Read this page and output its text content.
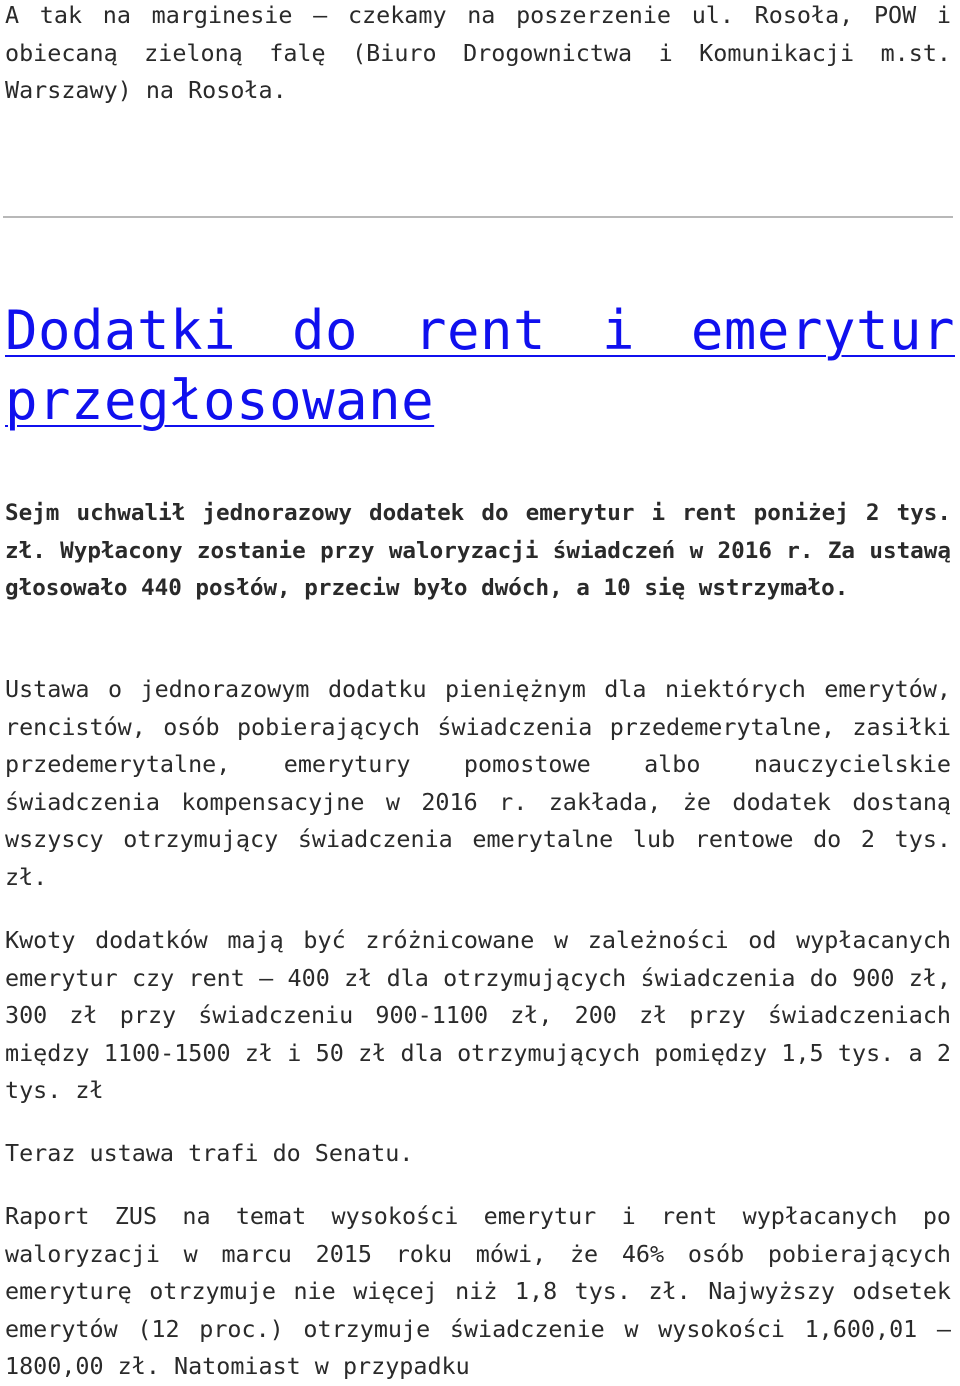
A tak na marginesie – czekamy na poszerzenie ul. Rosoła, POW i obiecaną zieloną falę (Biuro Drogownictwa i Komunikacji m.st. Warszawy) na Rosoła.

Dodatki do rent i emerytur przegłosowane

Sejm uchwalił jednorazowy dodatek do emerytur i rent poniżej 2 tys. zł. Wypłacony zostanie przy waloryzacji świadczeń w 2016 r. Za ustawą głosowało 440 posłów, przeciw było dwóch, a 10 się wstrzymało.

Ustawa o jednorazowym dodatku pieniężnym dla niektórych emerytów, rencistów, osób pobierających świadczenia przedemerytalne, zasiłki przedemerytalne, emerytury pomostowe albo nauczycielskie świadczenia kompensacyjne w 2016 r. zakłada, że dodatek dostaną wszyscy otrzymujący świadczenia emerytalne lub rentowe do 2 tys. zł.

Kwoty dodatków mają być zróżnicowane w zależności od wypłacanych emerytur czy rent – 400 zł dla otrzymujących świadczenia do 900 zł, 300 zł przy świadczeniu 900-1100 zł, 200 zł przy świadczeniach między 1100-1500 zł i 50 zł dla otrzymujących pomiędzy 1,5 tys. a 2 tys. zł

Teraz ustawa trafi do Senatu.

Raport ZUS na temat wysokości emerytur i rent wypłacanych po waloryzacji w marcu 2015 roku mówi, że 46% osób pobierających emeryturę otrzymuje nie więcej niż 1,8 tys. zł. Najwyższy odsetek emerytów (12 proc.) otrzymuje świadczenie w wysokości 1,600,01 – 1800,00 zł. Natomiast w przypadku
